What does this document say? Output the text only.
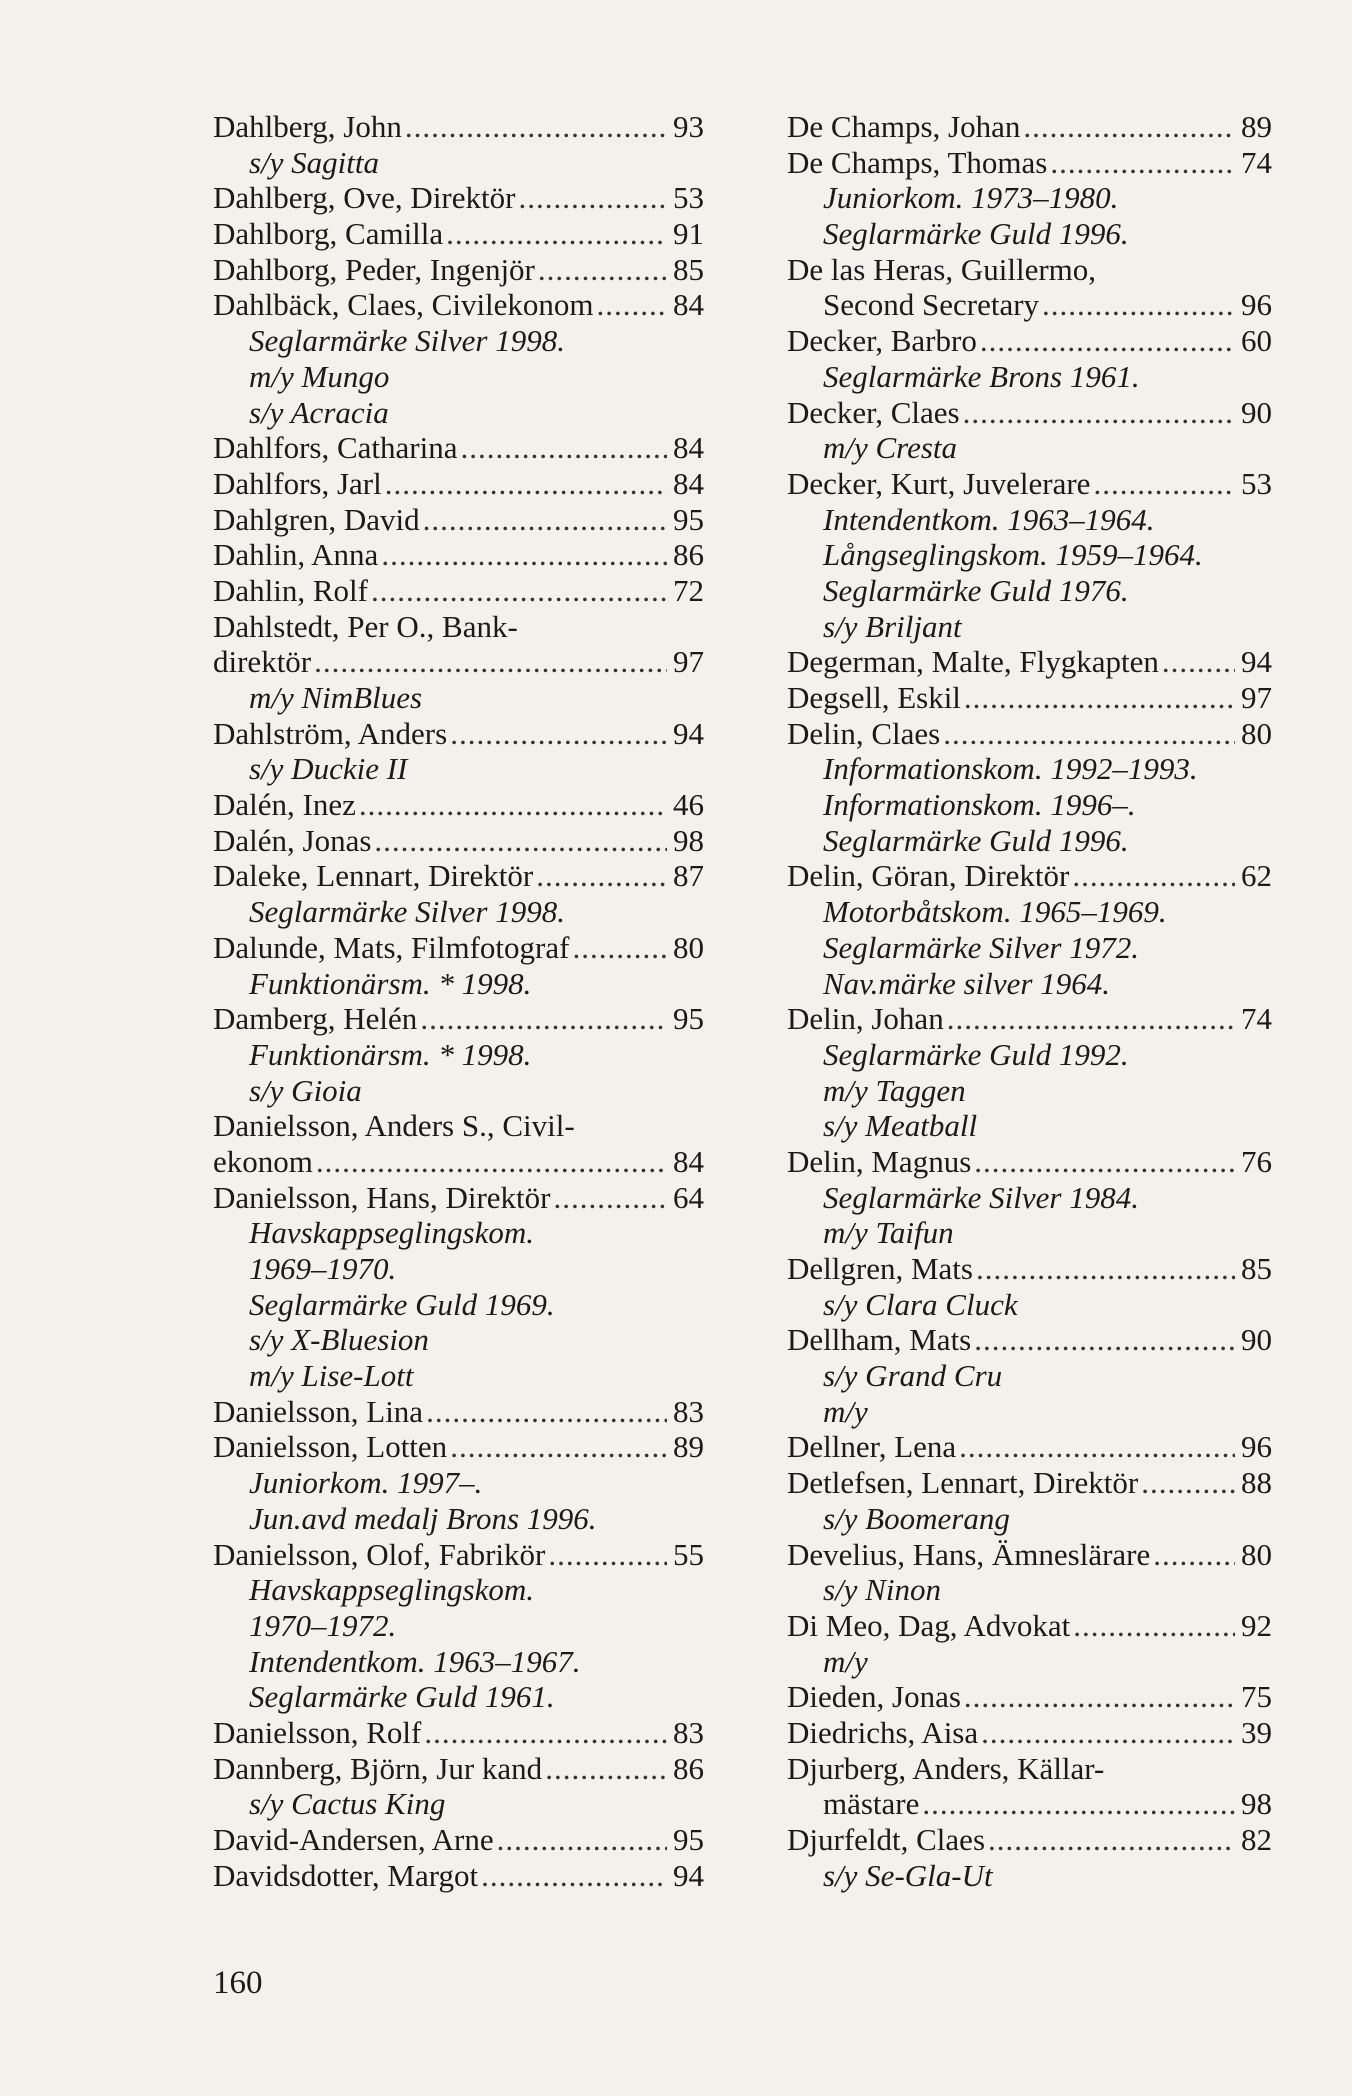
Dahlberg, John .....	93
s/y Sagitta
Dahlberg, Ove, Direktör .....	53
Dahlborg, Camilla .....	91
Dahlborg, Peder, Ingenjör .....	85
Dahlbäck, Claes, Civilekonom .....	84
Seglarmärke Silver 1998.
m/y Mungo
s/y Acracia
Dahlfors, Catharina .....	84
Dahlfors, Jarl .....	84
Dahlgren, David .....	95
Dahlin, Anna .....	86
Dahlin, Rolf .....	72
Dahlstedt, Per O., Bank-
direktör .....	97
m/y NimBlues
Dahlström, Anders .....	94
s/y Duckie II
Dalén, Inez .....	46
Dalén, Jonas .....	98
Daleke, Lennart, Direktör .....	87
Seglarmärke Silver 1998.
Dalunde, Mats, Filmfotograf .....	80
Funktionärsm. * 1998.
Damberg, Helén .....	95
Funktionärsm. * 1998.
s/y Gioia
Danielsson, Anders S., Civil-
ekonom .....	84
Danielsson, Hans, Direktör .....	64
Havskappseglingskom.
1969–1970.
Seglarmärke Guld 1969.
s/y X-Bluesion
m/y Lise-Lott
Danielsson, Lina .....	83
Danielsson, Lotten .....	89
Juniorkom. 1997–.
Jun.avd medalj Brons 1996.
Danielsson, Olof, Fabrikör .....	55
Havskappseglingskom.
1970–1972.
Intendentkom. 1963–1967.
Seglarmärke Guld 1961.
Danielsson, Rolf .....	83
Dannberg, Björn, Jur kand .....	86
s/y Cactus King
David-Andersen, Arne .....	95
Davidsdotter, Margot .....	94
De Champs, Johan .....	89
De Champs, Thomas .....	74
Juniorkom. 1973–1980.
Seglarmärke Guld 1996.
De las Heras, Guillermo,
Second Secretary .....	96
Decker, Barbro .....	60
Seglarmärke Brons 1961.
Decker, Claes .....	90
m/y Cresta
Decker, Kurt, Juvelerare .....	53
Intendentkom. 1963–1964.
Långseglingskom. 1959–1964.
Seglarmärke Guld 1976.
s/y Briljant
Degerman, Malte, Flygkapten .....	94
Degsell, Eskil .....	97
Delin, Claes .....	80
Informationskom. 1992–1993.
Informationskom. 1996–.
Seglarmärke Guld 1996.
Delin, Göran, Direktör .....	62
Motorbåtskom. 1965–1969.
Seglarmärke Silver 1972.
Nav.märke silver 1964.
Delin, Johan .....	74
Seglarmärke Guld 1992.
m/y Taggen
s/y Meatball
Delin, Magnus .....	76
Seglarmärke Silver 1984.
m/y Taifun
Dellgren, Mats .....	85
s/y Clara Cluck
Dellham, Mats .....	90
s/y Grand Cru
m/y
Dellner, Lena .....	96
Detlefsen, Lennart, Direktör .....	88
s/y Boomerang
Develius, Hans, Ämneslärare .....	80
s/y Ninon
Di Meo, Dag, Advokat .....	92
m/y
Dieden, Jonas .....	75
Diedrichs, Aisa .....	39
Djurberg, Anders, Källar-
mästare .....	98
Djurfeldt, Claes .....	82
s/y Se-Gla-Ut
160
